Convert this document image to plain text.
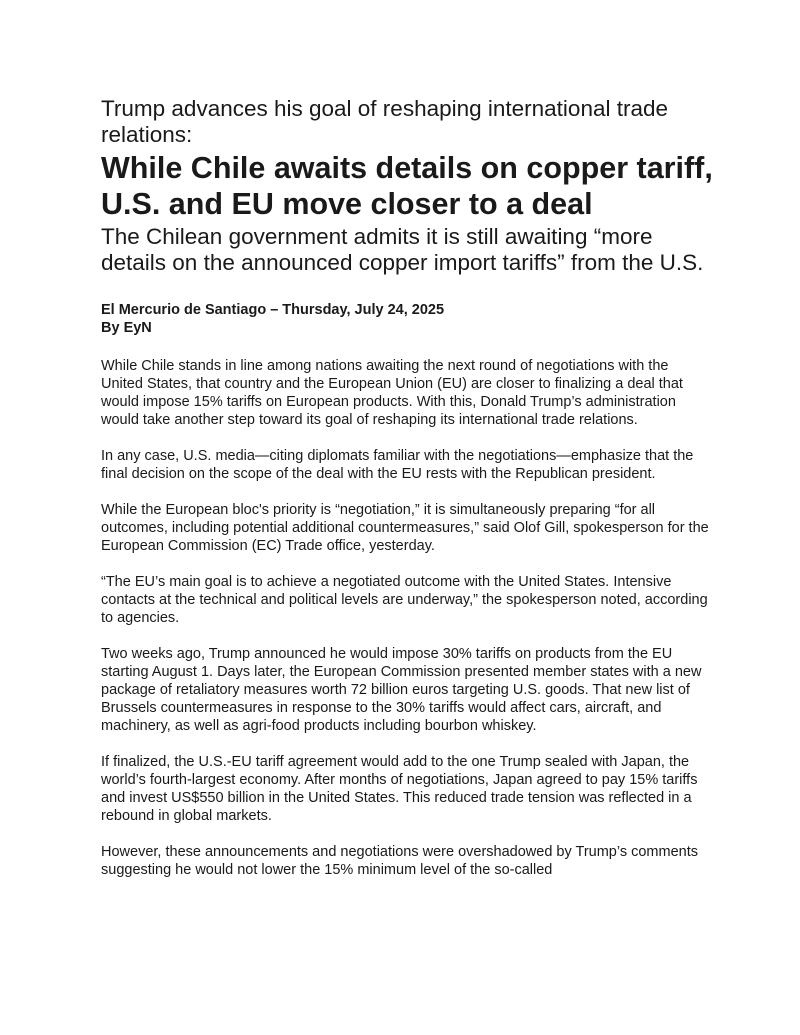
Trump advances his goal of reshaping international trade relations:
While Chile awaits details on copper tariff, U.S. and EU move closer to a deal
The Chilean government admits it is still awaiting “more details on the announced copper import tariffs” from the U.S.
El Mercurio de Santiago – Thursday, July 24, 2025
By EyN

While Chile stands in line among nations awaiting the next round of negotiations with the United States, that country and the European Union (EU) are closer to finalizing a deal that would impose 15% tariffs on European products. With this, Donald Trump’s administration would take another step toward its goal of reshaping its international trade relations.

In any case, U.S. media—citing diplomats familiar with the negotiations—emphasize that the final decision on the scope of the deal with the EU rests with the Republican president.

While the European bloc's priority is “negotiation,” it is simultaneously preparing “for all outcomes, including potential additional countermeasures,” said Olof Gill, spokesperson for the European Commission (EC) Trade office, yesterday.

“The EU’s main goal is to achieve a negotiated outcome with the United States. Intensive contacts at the technical and political levels are underway,” the spokesperson noted, according to agencies.

Two weeks ago, Trump announced he would impose 30% tariffs on products from the EU starting August 1. Days later, the European Commission presented member states with a new package of retaliatory measures worth 72 billion euros targeting U.S. goods. That new list of Brussels countermeasures in response to the 30% tariffs would affect cars, aircraft, and machinery, as well as agri-food products including bourbon whiskey.

If finalized, the U.S.-EU tariff agreement would add to the one Trump sealed with Japan, the world’s fourth-largest economy. After months of negotiations, Japan agreed to pay 15% tariffs and invest US$550 billion in the United States. This reduced trade tension was reflected in a rebound in global markets.

However, these announcements and negotiations were overshadowed by Trump’s comments suggesting he would not lower the 15% minimum level of the so-called
